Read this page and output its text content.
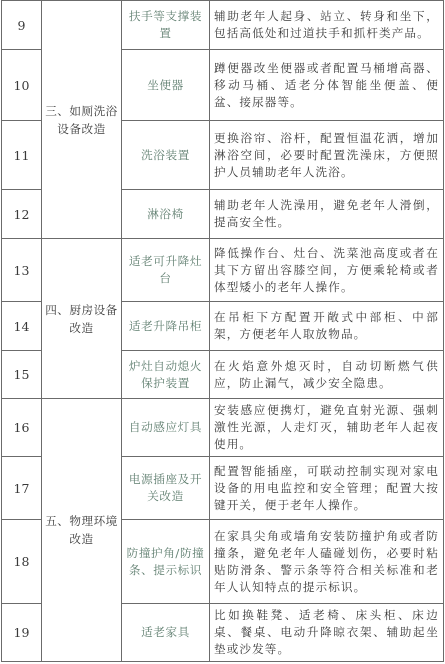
9	三、如厕洗浴设备改造	扶手等支撑装置	辅助老年人起身、站立、转身和坐下，包括高低处和过道扶手和抓杆类产品。
10		坐便器	蹲便器改坐便器或者配置马桶增高器、移动马桶、适老分体智能坐便盖、便盆、接尿器等。
11		洗浴装置	更换浴帘、浴杆，配置恒温花洒，增加淋浴空间，必要时配置洗澡床，方便照护人员辅助老年人洗浴。
12		淋浴椅	辅助老年人洗澡用，避免老年人滑倒，提高安全性。
13	四、厨房设备改造	适老可升降灶台	降低操作台、灶台、洗菜池高度或者在其下方留出容膝空间，方便乘轮椅或者体型矮小的老年人操作。
14		适老升降吊柜	在吊柜下方配置开敞式中部柜、中部架，方便老年人取放物品。
15		炉灶自动熄火保护装置	在火焰意外熄灭时，自动切断燃气供应，防止漏气，减少安全隐患。
16	五、物理环境改造	自动感应灯具	安装感应便携灯，避免直射光源、强刺激性光源，人走灯灭，辅助老年人起夜使用。
17		电源插座及开关改造	配置智能插座，可联动控制实现对家电设备的用电监控和安全管理；配置大按键开关，便于老年人操作。
18		防撞护角/防撞条、提示标识	在家具尖角或墙角安装防撞护角或者防撞条，避免老年人磕碰划伤，必要时粘贴防滑条、警示条等符合相关标准和老年人认知特点的提示标识。
19		适老家具	比如换鞋凳、适老椅、床头柜、床边桌、餐桌、电动升降晾衣架、辅助起坐垫或沙发等。
